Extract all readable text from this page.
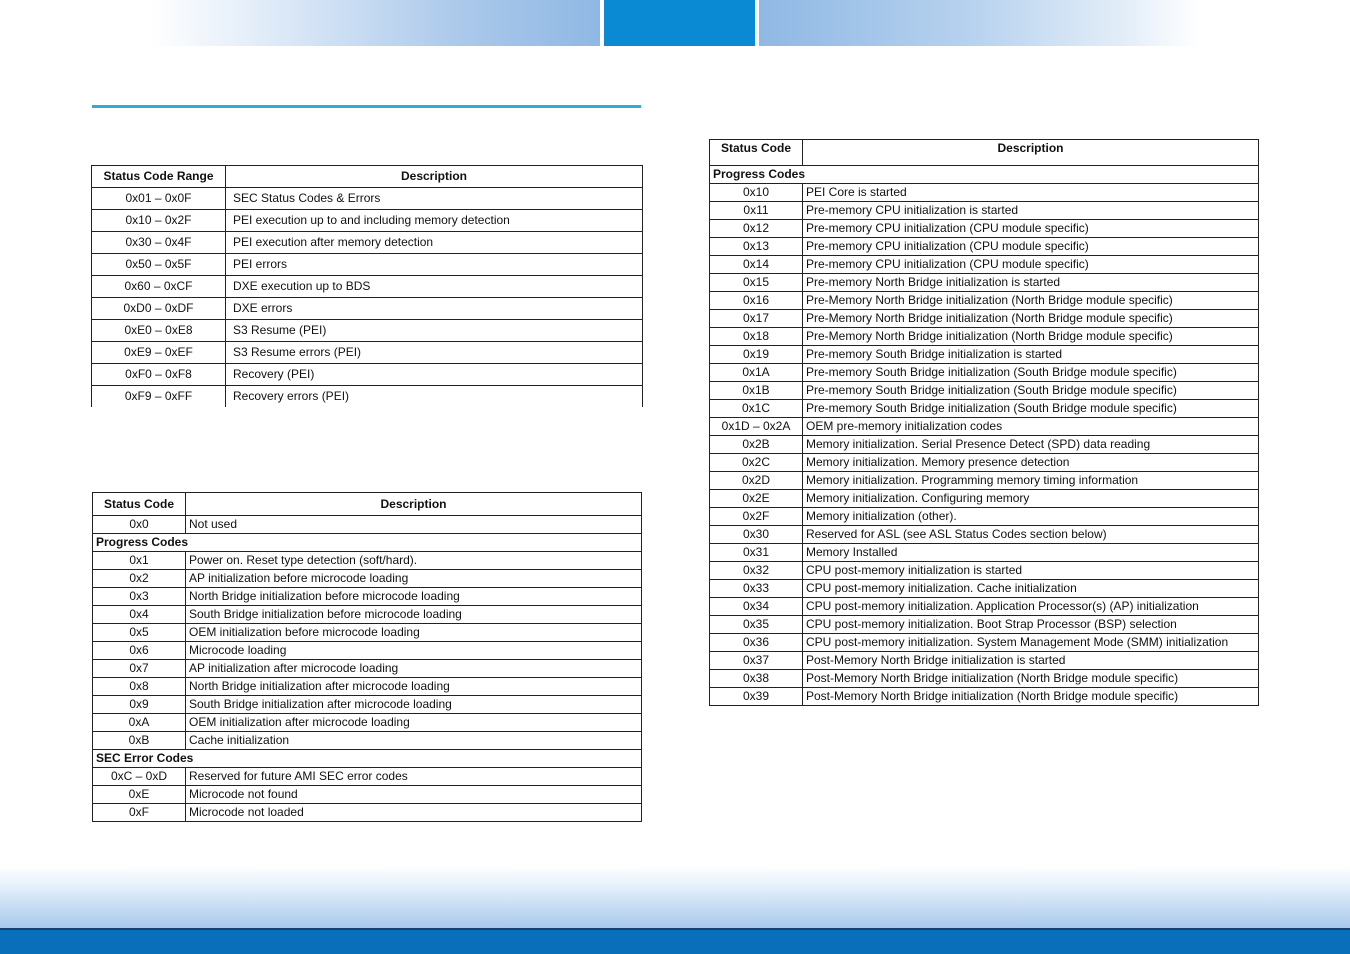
Status Code Range	Description
0x01 – 0x0F	SEC Status Codes & Errors
0x10 – 0x2F	PEI execution up to and including memory detection
0x30 – 0x4F	PEI execution after memory detection
0x50 – 0x5F	PEI errors
0x60 – 0xCF	DXE execution up to BDS
0xD0 – 0xDF	DXE errors
0xE0 – 0xE8	S3 Resume (PEI)
0xE9 – 0xEF	S3 Resume errors (PEI)
0xF0 – 0xF8	Recovery (PEI)
0xF9 – 0xFF	Recovery errors (PEI)
Status Code	Description
0x0	Not used
Progress Codes	
0x1	Power on. Reset type detection (soft/hard).
0x2	AP initialization before microcode loading
0x3	North Bridge initialization before microcode loading
0x4	South Bridge initialization before microcode loading
0x5	OEM initialization before microcode loading
0x6	Microcode loading
0x7	AP initialization after microcode loading
0x8	North Bridge initialization after microcode loading
0x9	South Bridge initialization after microcode loading
0xA	OEM initialization after microcode loading
0xB	Cache initialization
SEC Error Codes	
0xC – 0xD	Reserved for future AMI SEC error codes
0xE	Microcode not found
0xF	Microcode not loaded
Status Code	Description
Progress Codes	
0x10	PEI Core is started
0x11	Pre-memory CPU initialization is started
0x12	Pre-memory CPU initialization (CPU module specific)
0x13	Pre-memory CPU initialization (CPU module specific)
0x14	Pre-memory CPU initialization (CPU module specific)
0x15	Pre-memory North Bridge initialization is started
0x16	Pre-Memory North Bridge initialization (North Bridge module specific)
0x17	Pre-Memory North Bridge initialization (North Bridge module specific)
0x18	Pre-Memory North Bridge initialization (North Bridge module specific)
0x19	Pre-memory South Bridge initialization is started
0x1A	Pre-memory South Bridge initialization (South Bridge module specific)
0x1B	Pre-memory South Bridge initialization (South Bridge module specific)
0x1C	Pre-memory South Bridge initialization (South Bridge module specific)
0x1D – 0x2A	OEM pre-memory initialization codes
0x2B	Memory initialization. Serial Presence Detect (SPD) data reading
0x2C	Memory initialization. Memory presence detection
0x2D	Memory initialization. Programming memory timing information
0x2E	Memory initialization. Configuring memory
0x2F	Memory initialization (other).
0x30	Reserved for ASL (see ASL Status Codes section below)
0x31	Memory Installed
0x32	CPU post-memory initialization is started
0x33	CPU post-memory initialization. Cache initialization
0x34	CPU post-memory initialization. Application Processor(s) (AP) initialization
0x35	CPU post-memory initialization. Boot Strap Processor (BSP) selection
0x36	CPU post-memory initialization. System Management Mode (SMM) initialization
0x37	Post-Memory North Bridge initialization is started
0x38	Post-Memory North Bridge initialization (North Bridge module specific)
0x39	Post-Memory North Bridge initialization (North Bridge module specific)
